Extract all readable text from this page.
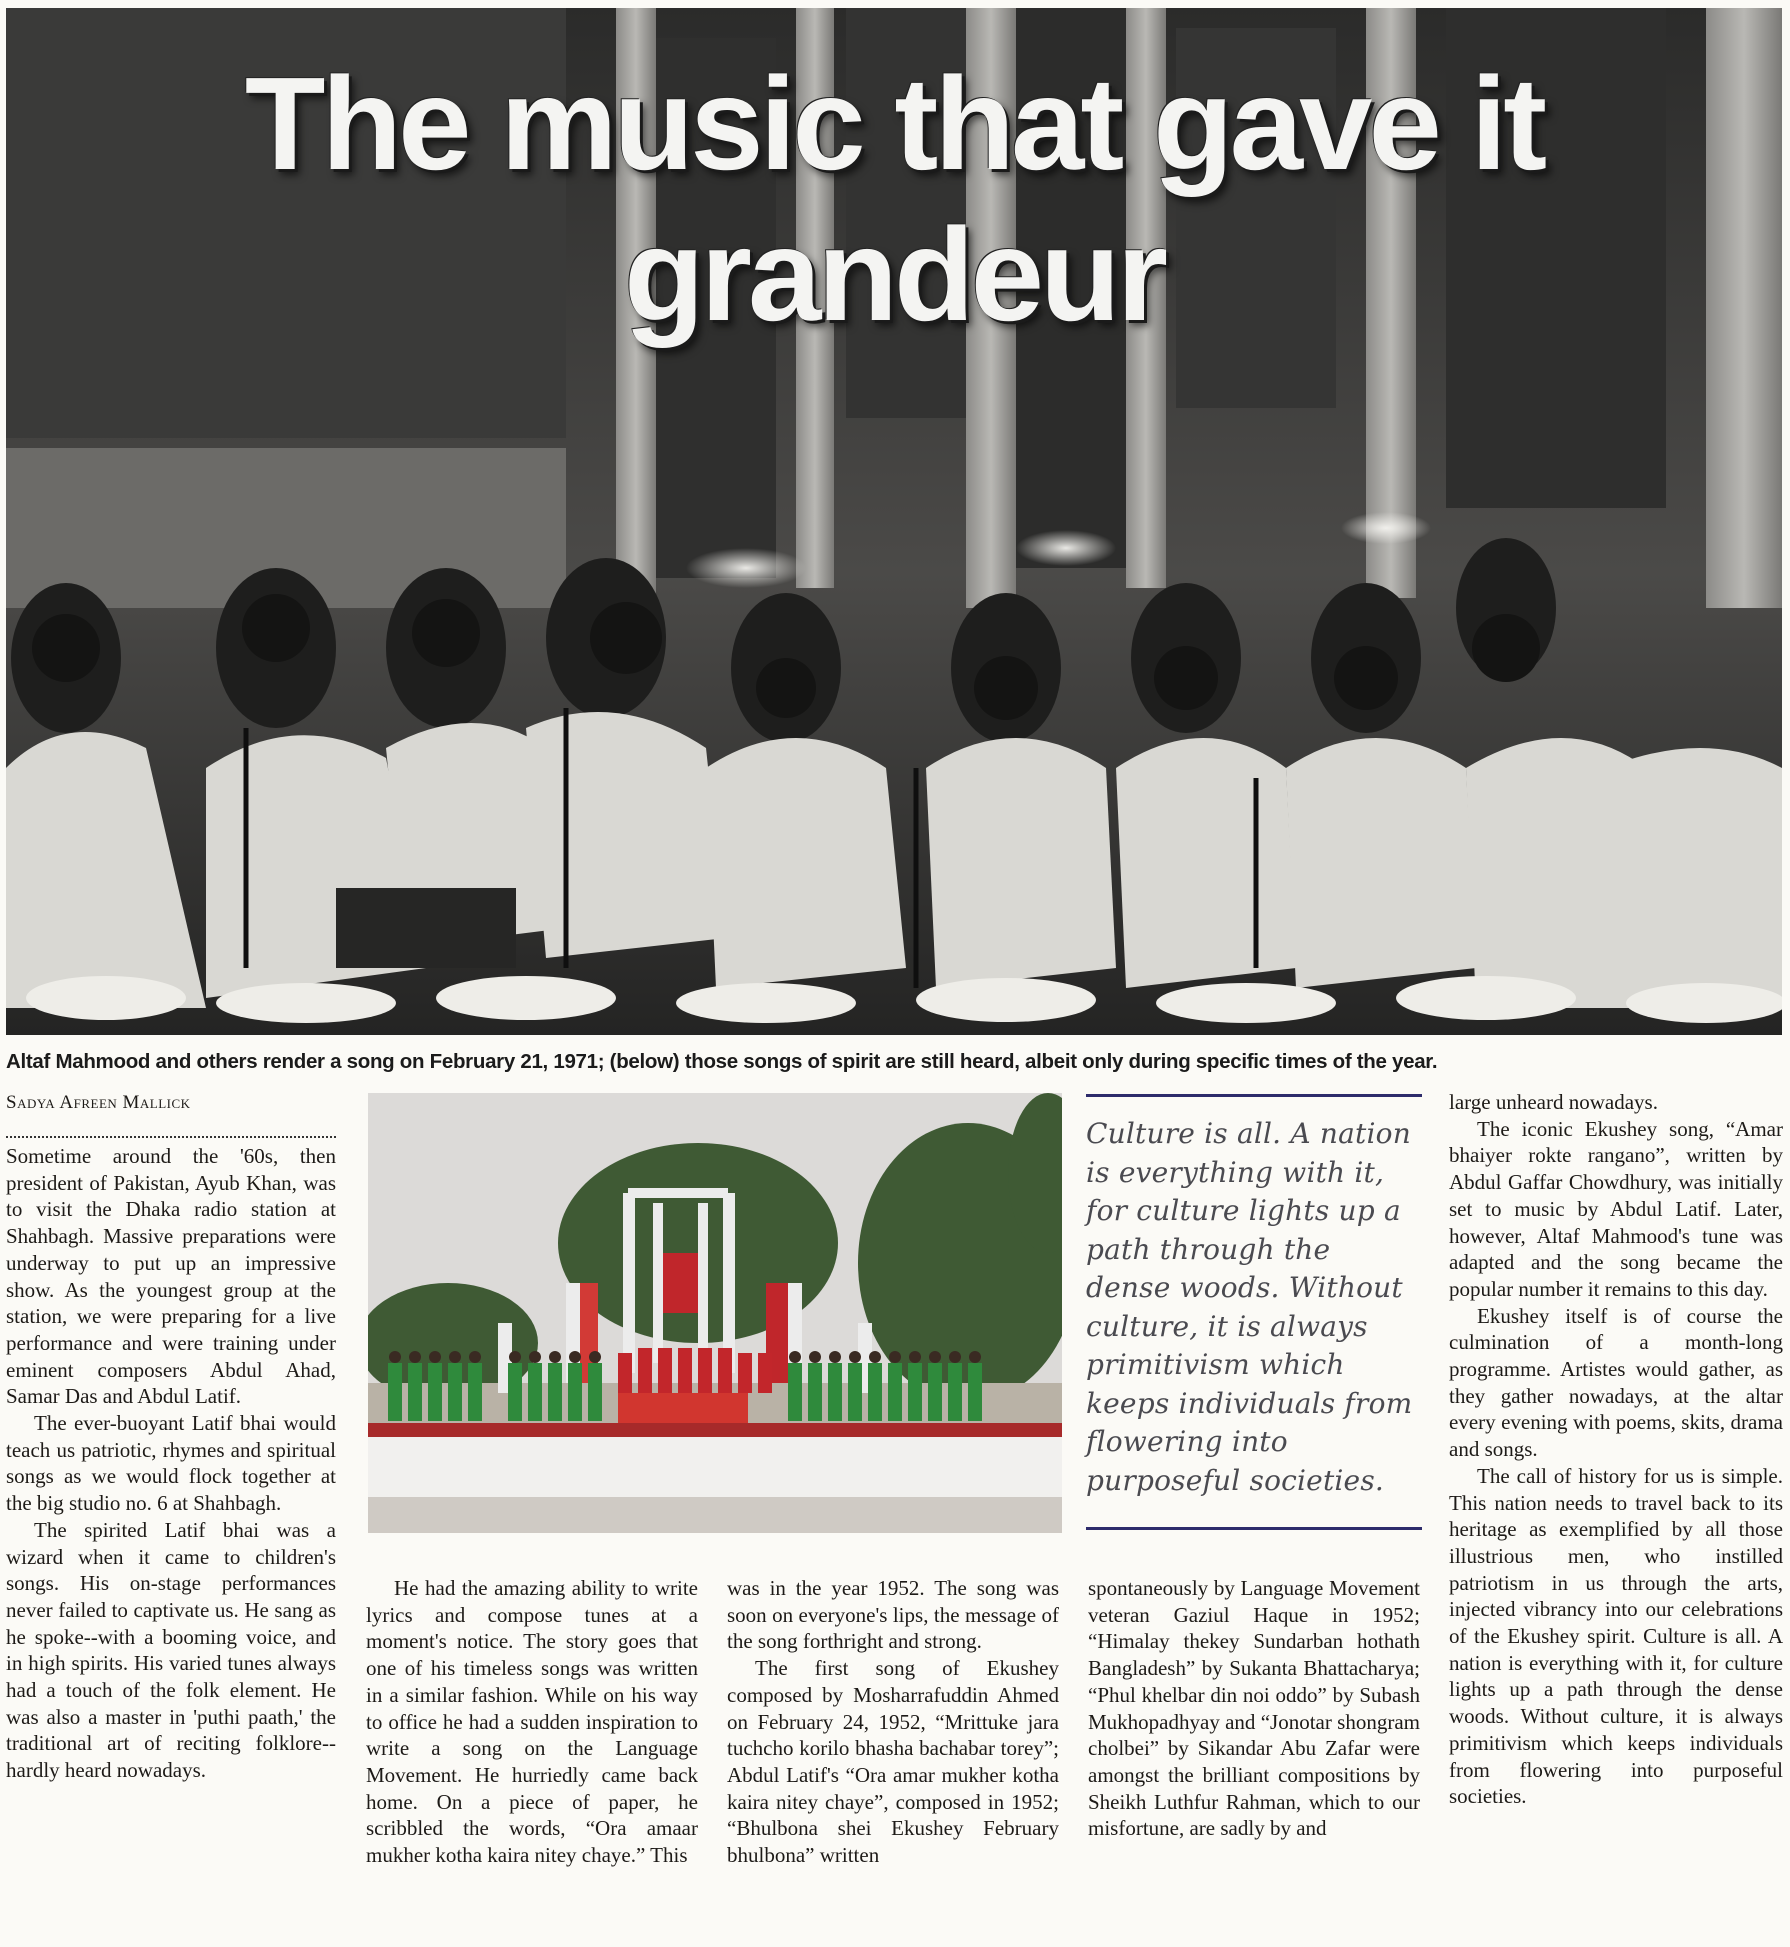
The music that gave it grandeur
Altaf Mahmood and others render a song on February 21, 1971; (below) those songs of spirit are still heard, albeit only during specific times of the year.
Sadya Afreen Mallick

Sometime around the '60s, then president of Pakistan, Ayub Khan, was to visit the Dhaka radio station at Shahbagh. Massive preparations were underway to put up an impressive show. As the youngest group at the station, we were preparing for a live performance and were training under eminent composers Abdul Ahad, Samar Das and Abdul Latif.

The ever-buoyant Latif bhai would teach us patriotic, rhymes and spiritual songs as we would flock together at the big studio no. 6 at Shahbagh.

The spirited Latif bhai was a wizard when it came to children's songs. His on-stage performances never failed to captivate us. He sang as he spoke--with a booming voice, and in high spirits. His varied tunes always had a touch of the folk element. He was also a master in 'puthi paath,' the traditional art of reciting folklore--hardly heard nowadays.

Culture is all. A nation is everything with it, for culture lights up a path through the dense woods. Without culture, it is always primitivism which keeps individuals from flowering into purposeful societies.

He had the amazing ability to write lyrics and compose tunes at a moment's notice. The story goes that one of his timeless songs was written in a similar fashion. While on his way to office he had a sudden inspiration to write a song on the Language Movement. He hurriedly came back home. On a piece of paper, he scribbled the words, “Ora amaar mukher kotha kaira nitey chaye.” This

was in the year 1952. The song was soon on everyone's lips, the message of the song forthright and strong.

The first song of Ekushey composed by Mosharrafuddin Ahmed on February 24, 1952, “Mrittuke jara tuchcho korilo bhasha bachabar torey”; Abdul Latif's “Ora amar mukher kotha kaira nitey chaye”, composed in 1952; “Bhulbona shei Ekushey February bhulbona” written

spontaneously by Language Movement veteran Gaziul Haque in 1952; “Himalay thekey Sundarban hothath Bangladesh” by Sukanta Bhattacharya; “Phul khelbar din noi oddo” by Subash Mukhopadhyay and “Jonotar shongram cholbei” by Sikandar Abu Zafar were amongst the brilliant compositions by Sheikh Luthfur Rahman, which to our misfortune, are sadly by and

large unheard nowadays.

The iconic Ekushey song, “Amar bhaiyer rokte rangano”, written by Abdul Gaffar Chowdhury, was initially set to music by Abdul Latif. Later, however, Altaf Mahmood's tune was adapted and the song became the popular number it remains to this day.

Ekushey itself is of course the culmination of a month-long programme. Artistes would gather, as they gather nowadays, at the altar every evening with poems, skits, drama and songs.

The call of history for us is simple. This nation needs to travel back to its heritage as exemplified by all those illustrious men, who instilled patriotism in us through the arts, injected vibrancy into our celebrations of the Ekushey spirit. Culture is all. A nation is everything with it, for culture lights up a path through the dense woods. Without culture, it is always primitivism which keeps individuals from flowering into purposeful societies.
